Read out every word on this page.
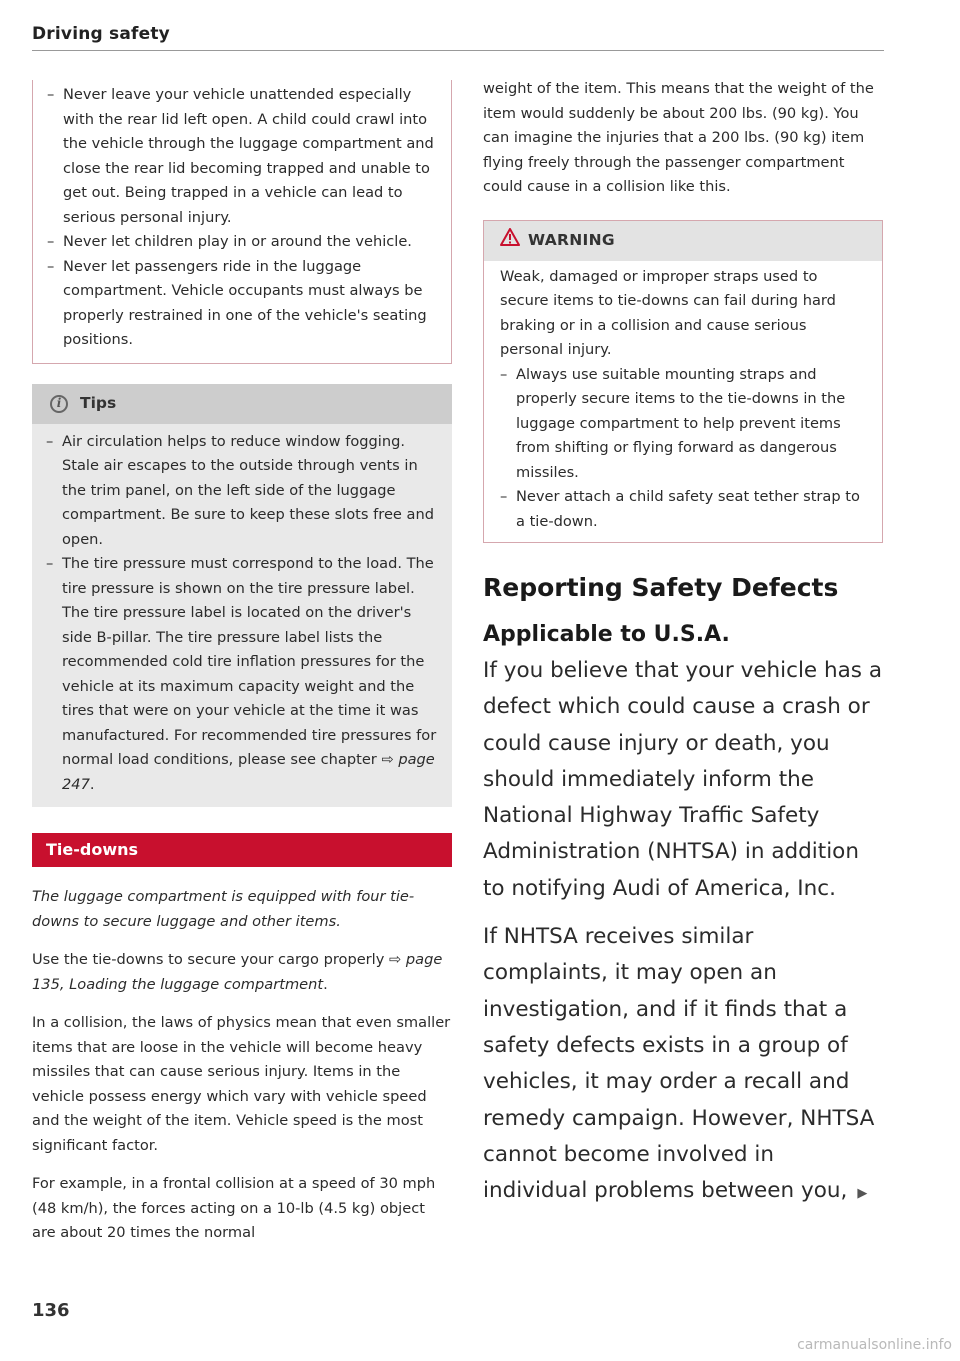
Driving safety
– Never leave your vehicle unattended especially with the rear lid left open. A child could crawl into the vehicle through the luggage compartment and close the rear lid becoming trapped and unable to get out. Being trapped in a vehicle can lead to serious personal injury.
– Never let children play in or around the vehicle.
– Never let passengers ride in the luggage compartment. Vehicle occupants must always be properly restrained in one of the vehicle's seating positions.
i	Tips
– Air circulation helps to reduce window fogging. Stale air escapes to the outside through vents in the trim panel, on the left side of the luggage compartment. Be sure to keep these slots free and open.
– The tire pressure must correspond to the load. The tire pressure is shown on the tire pressure label. The tire pressure label is located on the driver's side B-pillar. The tire pressure label lists the recommended cold tire inflation pressures for the vehicle at its maximum capacity weight and the tires that were on your vehicle at the time it was manufactured. For recommended tire pressures for normal load conditions, please see chapter ⇨ page 247.
Tie-downs

The luggage compartment is equipped with four tie-downs to secure luggage and other items.

Use the tie-downs to secure your cargo properly ⇨ page 135, Loading the luggage compartment.

In a collision, the laws of physics mean that even smaller items that are loose in the vehicle will become heavy missiles that can cause serious injury. Items in the vehicle possess energy which vary with vehicle speed and the weight of the item. Vehicle speed is the most significant factor.

For example, in a frontal collision at a speed of 30 mph (48 km/h), the forces acting on a 10-lb (4.5 kg) object are about 20 times the normal

weight of the item. This means that the weight of the item would suddenly be about 200 lbs. (90 kg). You can imagine the injuries that a 200 lbs. (90 kg) item flying freely through the passenger compartment could cause in a collision like this.

WARNING

Weak, damaged or improper straps used to secure items to tie-downs can fail during hard braking or in a collision and cause serious personal injury.

– Always use suitable mounting straps and properly secure items to the tie-downs in the luggage compartment to help prevent items from shifting or flying forward as dangerous missiles.
– Never attach a child safety seat tether strap to a tie-down.
Reporting Safety Defects
Applicable to U.S.A.

If you believe that your vehicle has a defect which could cause a crash or could cause injury or death, you should immediately inform the National Highway Traffic Safety Administration (NHTSA) in addition to notifying Audi of America, Inc.

If NHTSA receives similar complaints, it may open an investigation, and if it finds that a safety defects exists in a group of vehicles, it may order a recall and remedy campaign. However, NHTSA cannot become involved in individual problems between you, ▶

136
carmanualsonline.info
